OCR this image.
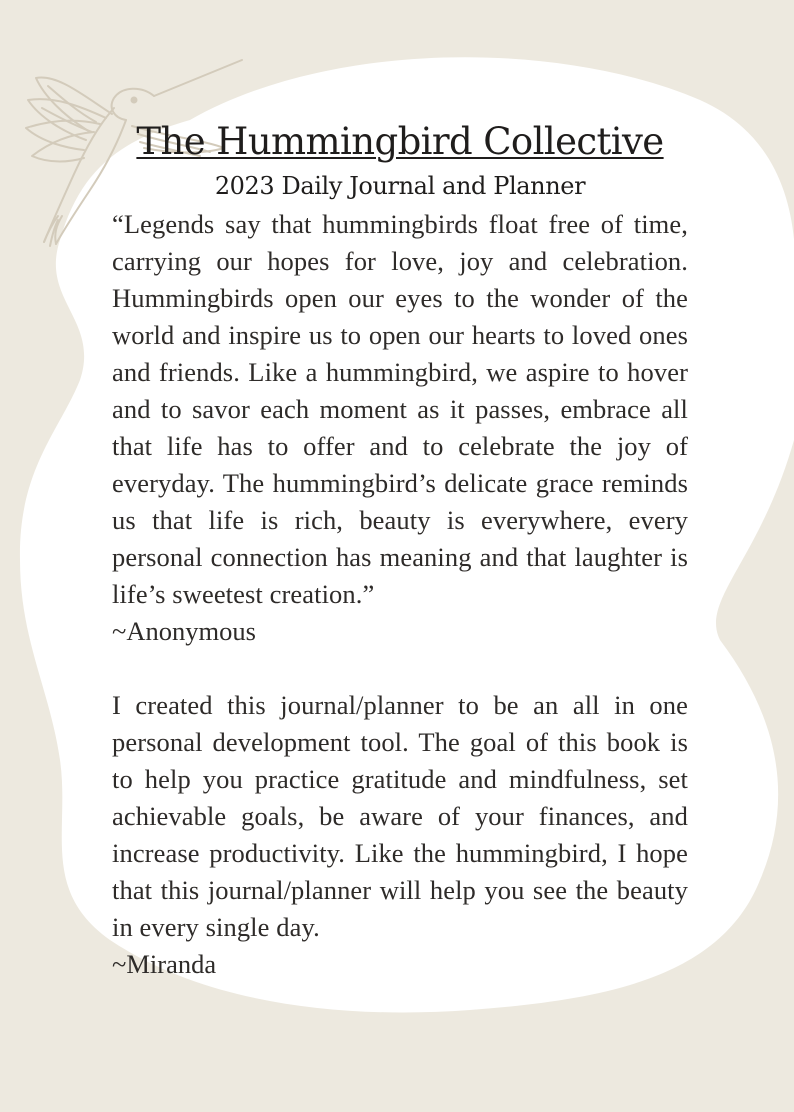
The Hummingbird Collective
2023 Daily Journal and Planner

“Legends say that hummingbirds float free of time, carrying our hopes for love, joy and celebration. Hummingbirds open our eyes to the wonder of the world and inspire us to open our hearts to loved ones and friends. Like a hummingbird, we aspire to hover and to savor each moment as it passes, embrace all that life has to offer and to celebrate the joy of everyday. The hummingbird’s delicate grace reminds us that life is rich, beauty is everywhere, every personal connection has meaning and that laughter is life’s sweetest creation.”

~Anonymous

I created this journal/planner to be an all in one personal development tool. The goal of this book is to help you practice gratitude and mindfulness, set achievable goals, be aware of your finances, and increase productivity. Like the hummingbird, I hope that this journal/planner will help you see the beauty in every single day.

~Miranda
